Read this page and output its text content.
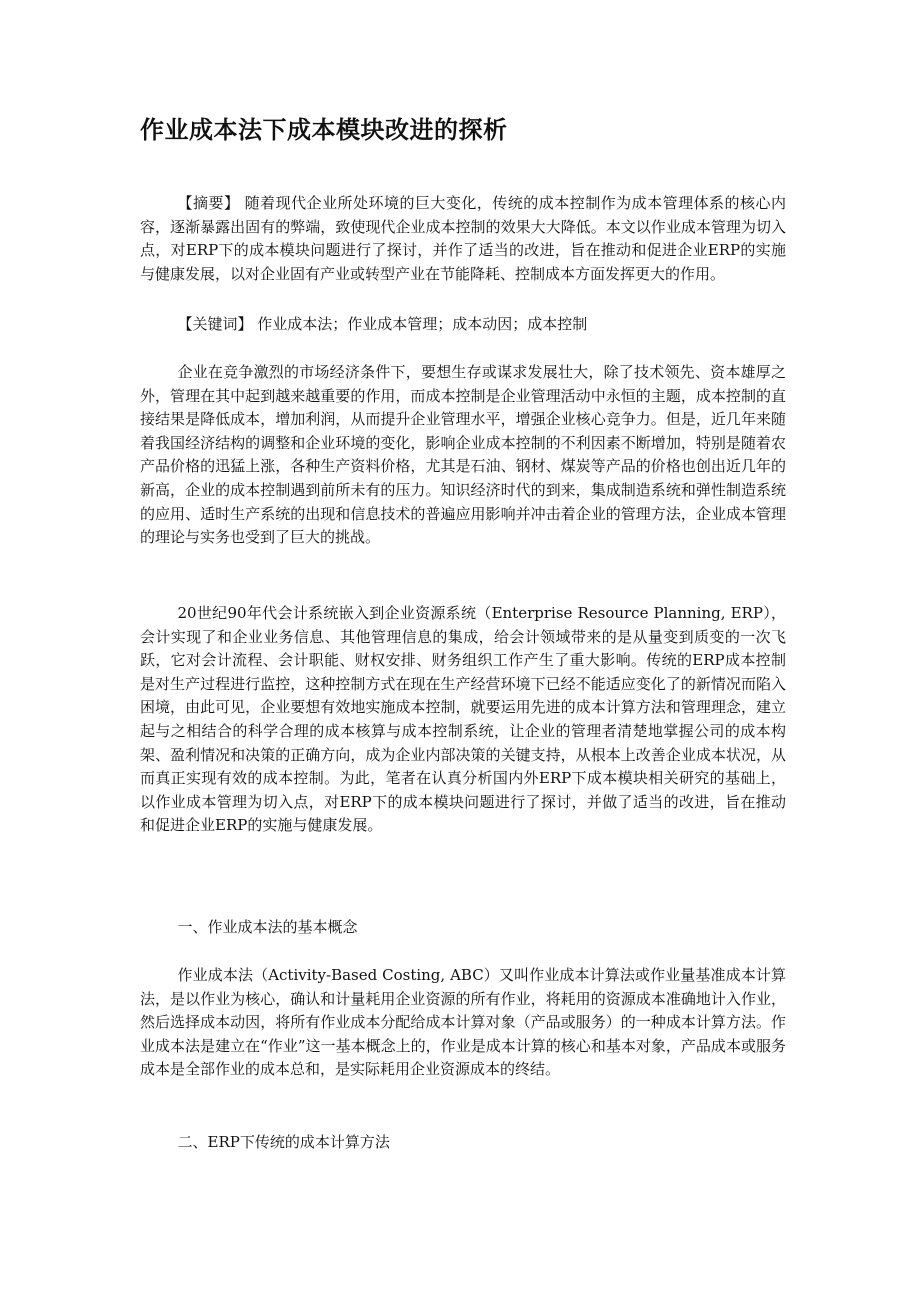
作业成本法下成本模块改进的探析

【摘要】 随着现代企业所处环境的巨大变化，传统的成本控制作为成本管理体系的核心内容，逐渐暴露出固有的弊端，致使现代企业成本控制的效果大大降低。本文以作业成本管理为切入点，对ERP下的成本模块问题进行了探讨，并作了适当的改进，旨在推动和促进企业ERP的实施与健康发展，以对企业固有产业或转型产业在节能降耗、控制成本方面发挥更大的作用。

【关键词】 作业成本法；作业成本管理；成本动因；成本控制

企业在竞争激烈的市场经济条件下，要想生存或谋求发展壮大，除了技术领先、资本雄厚之外，管理在其中起到越来越重要的作用，而成本控制是企业管理活动中永恒的主题，成本控制的直接结果是降低成本，增加利润，从而提升企业管理水平，增强企业核心竞争力。但是，近几年来随着我国经济结构的调整和企业环境的变化，影响企业成本控制的不利因素不断增加，特别是随着农产品价格的迅猛上涨，各种生产资料价格，尤其是石油、钢材、煤炭等产品的价格也创出近几年的新高，企业的成本控制遇到前所未有的压力。知识经济时代的到来，集成制造系统和弹性制造系统的应用、适时生产系统的出现和信息技术的普遍应用影响并冲击着企业的管理方法，企业成本管理的理论与实务也受到了巨大的挑战。

20世纪90年代会计系统嵌入到企业资源系统（Enterprise Resource Planning, ERP），会计实现了和企业业务信息、其他管理信息的集成，给会计领域带来的是从量变到质变的一次飞跃，它对会计流程、会计职能、财权安排、财务组织工作产生了重大影响。传统的ERP成本控制是对生产过程进行监控，这种控制方式在现在生产经营环境下已经不能适应变化了的新情况而陷入困境，由此可见，企业要想有效地实施成本控制，就要运用先进的成本计算方法和管理理念，建立起与之相结合的科学合理的成本核算与成本控制系统，让企业的管理者清楚地掌握公司的成本构架、盈利情况和决策的正确方向，成为企业内部决策的关键支持，从根本上改善企业成本状况，从而真正实现有效的成本控制。为此，笔者在认真分析国内外ERP下成本模块相关研究的基础上，以作业成本管理为切入点，对ERP下的成本模块问题进行了探讨，并做了适当的改进，旨在推动和促进企业ERP的实施与健康发展。

一、作业成本法的基本概念

作业成本法（Activity-Based Costing, ABC）又叫作业成本计算法或作业量基准成本计算法，是以作业为核心，确认和计量耗用企业资源的所有作业，将耗用的资源成本准确地计入作业，然后选择成本动因，将所有作业成本分配给成本计算对象（产品或服务）的一种成本计算方法。作业成本法是建立在“作业”这一基本概念上的，作业是成本计算的核心和基本对象，产品成本或服务成本是全部作业的成本总和，是实际耗用企业资源成本的终结。

二、ERP下传统的成本计算方法
